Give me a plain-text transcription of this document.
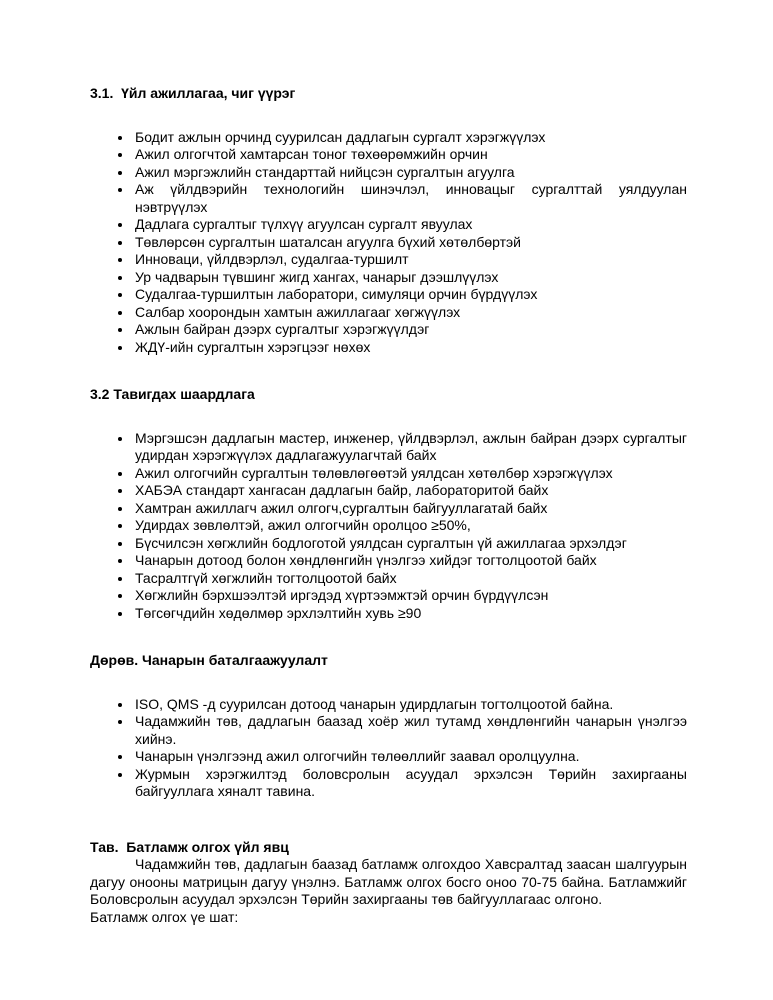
3.1.  Үйл ажиллагаа, чиг үүрэг
• Бодит ажлын орчинд суурилсан дадлагын сургалт хэрэгжүүлэх
• Ажил олгогчтой хамтарсан тоног төхөөрөмжийн орчин
• Ажил мэргэжлийн стандарттай нийцсэн сургалтын агуулга
• Аж үйлдвэрийн технологийн шинэчлэл, инновацыг сургалттай уялдуулан нэвтрүүлэх
• Дадлага сургалтыг түлхүү агуулсан сургалт явуулах
• Төвлөрсөн сургалтын шаталсан агуулга бүхий хөтөлбөртэй
• Инноваци, үйлдвэрлэл, судалгаа-туршилт
• Ур чадварын түвшинг жигд хангах, чанарыг дээшлүүлэх
• Судалгаа-туршилтын лаборатори, симуляци орчин бүрдүүлэх
• Салбар хоорондын хамтын ажиллагааг хөгжүүлэх
• Ажлын байран дээрх сургалтыг хэрэгжүүлдэг
• ЖДҮ-ийн сургалтын хэрэгцээг нөхөх
3.2 Тавигдах шаардлага
• Мэргэшсэн дадлагын мастер, инженер, үйлдвэрлэл, ажлын байран дээрх сургалтыг удирдан хэрэгжүүлэх дадлагажуулагчтай байх
• Ажил олгогчийн сургалтын төлөвлөгөөтэй уялдсан хөтөлбөр хэрэгжүүлэх
• ХАБЭА стандарт хангасан дадлагын байр, лабораторитой байх
• Хамтран ажиллагч ажил олгогч,сургалтын байгууллагатай байх
• Удирдах зөвлөлтэй, ажил олгогчийн оролцоо ≥50%,
• Бүсчилсэн хөгжлийн бодлоготой уялдсан сургалтын үй ажиллагаа эрхэлдэг
• Чанарын дотоод болон хөндлөнгийн үнэлгээ хийдэг тогтолцоотой байх
• Тасралтгүй хөгжлийн тогтолцоотой байх
• Хөгжлийн бэрхшээлтэй иргэдэд хүртээмжтэй орчин бүрдүүлсэн
• Төгсөгчдийн хөдөлмөр эрхлэлтийн хувь ≥90
Дөрөв. Чанарын баталгаажуулалт
• ISO, QMS -д суурилсан дотоод чанарын удирдлагын тогтолцоотой байна.
• Чадамжийн төв, дадлагын баазад хоёр жил тутамд хөндлөнгийн чанарын үнэлгээ хийнэ.
• Чанарын үнэлгээнд ажил олгогчийн төлөөллийг заавал оролцуулна.
• Журмын хэрэгжилтэд боловсролын асуудал эрхэлсэн Төрийн захиргааны байгууллага хяналт тавина.
Тав.  Батламж олгох үйл явц

Чадамжийн төв, дадлагын баазад батламж олгохдоо Хавсралтад заасан шалгуурын дагуу онооны матрицын дагуу үнэлнэ. Батламж олгох босго оноо 70-75 байна. Батламжийг Боловсролын асуудал эрхэлсэн Төрийн захиргааны төв байгууллагаас олгоно.

Батламж олгох үе шат:
